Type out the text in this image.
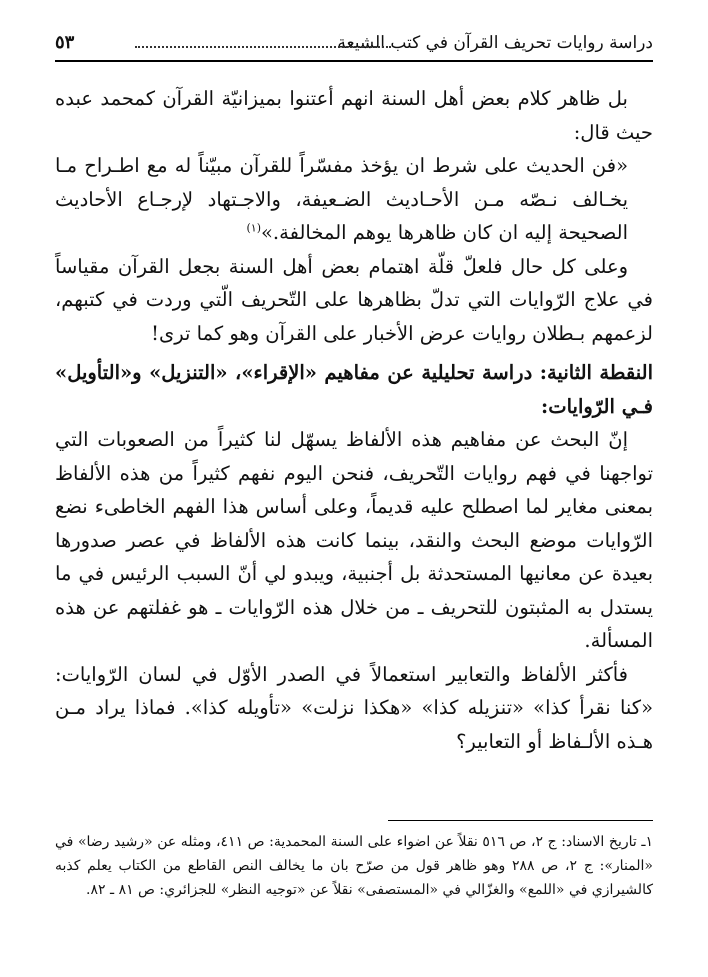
دراسة روايات تحريف القرآن في كتب الشيعة
٥٣

بل ظاهر كلام بعض أهل السنة انهم أعتنوا بميزانيّة القرآن كمحمد عبده حيث قال:

«فن الحديث على شرط ان يؤخذ مفسّراً للقرآن مبيّناً له مع اطـراح مـا يخـالف نـصّه مـن الأحـاديث الضـعيفة، والاجـتهاد لإرجـاع الأحاديث الصحيحة إليه ان كان ظاهرها يوهم المخالفة.»$^{(١)}$

وعلى كل حال فلعلّ قلّة اهتمام بعض أهل السنة بجعل القرآن مقياساً في علاج الرّوايات التي تدلّ بظاهرها على التّحريف الّتي وردت في كتبهم، لزعمهم بـطلان روايات عرض الأخبار على القرآن وهو كما ترى!

النقطة الثانية: دراسة تحليلية عن مفاهيم «الإقراء»، «التنزيل» و«التأويل» فـي الرّوايات:

إنّ البحث عن مفاهيم هذه الألفاظ يسهّل لنا كثيراً من الصعوبات التي تواجهنا في فهم روايات التّحريف، فنحن اليوم نفهم كثيراً من هذه الألفاظ بمعنى مغاير لما اصطلح عليه قديماً، وعلى أساس هذا الفهم الخاطىء نضع الرّوايات موضع البحث والنقد، بينما كانت هذه الألفاظ في عصر صدورها بعيدة عن معانيها المستحدثة بل أجنبية، ويبدو لي أنّ السبب الرئيس في ما يستدل به المثبتون للتحريف ـ من خلال هذه الرّوايات ـ هو غفلتهم عن هذه المسألة.

فأكثر الألفاظ والتعابير استعمالاً في الصدر الأوّل في لسان الرّوايات: «كنا نقرأ كذا» «تنزيله كذا» «هكذا نزلت» «تأويله كذا». فماذا يراد مـن هـذه الألـفاظ أو التعابير؟

١ـ تاريخ الاسناد: ج ٢، ص ٥١٦ نقلاً عن اضواء على السنة المحمدية: ص ٤١١، ومثله عن «رشيد رضا» في «المنار»: ج ٢، ص ٢٨٨ وهو ظاهر قول من صرّح بان ما يخالف النص القاطع من الكتاب يعلم كذبه كالشيرازي في «اللمع» والغزّالي في «المستصفى» نقلاً عن «توجيه النظر» للجزائري: ص ٨١ ـ ٨٢.
